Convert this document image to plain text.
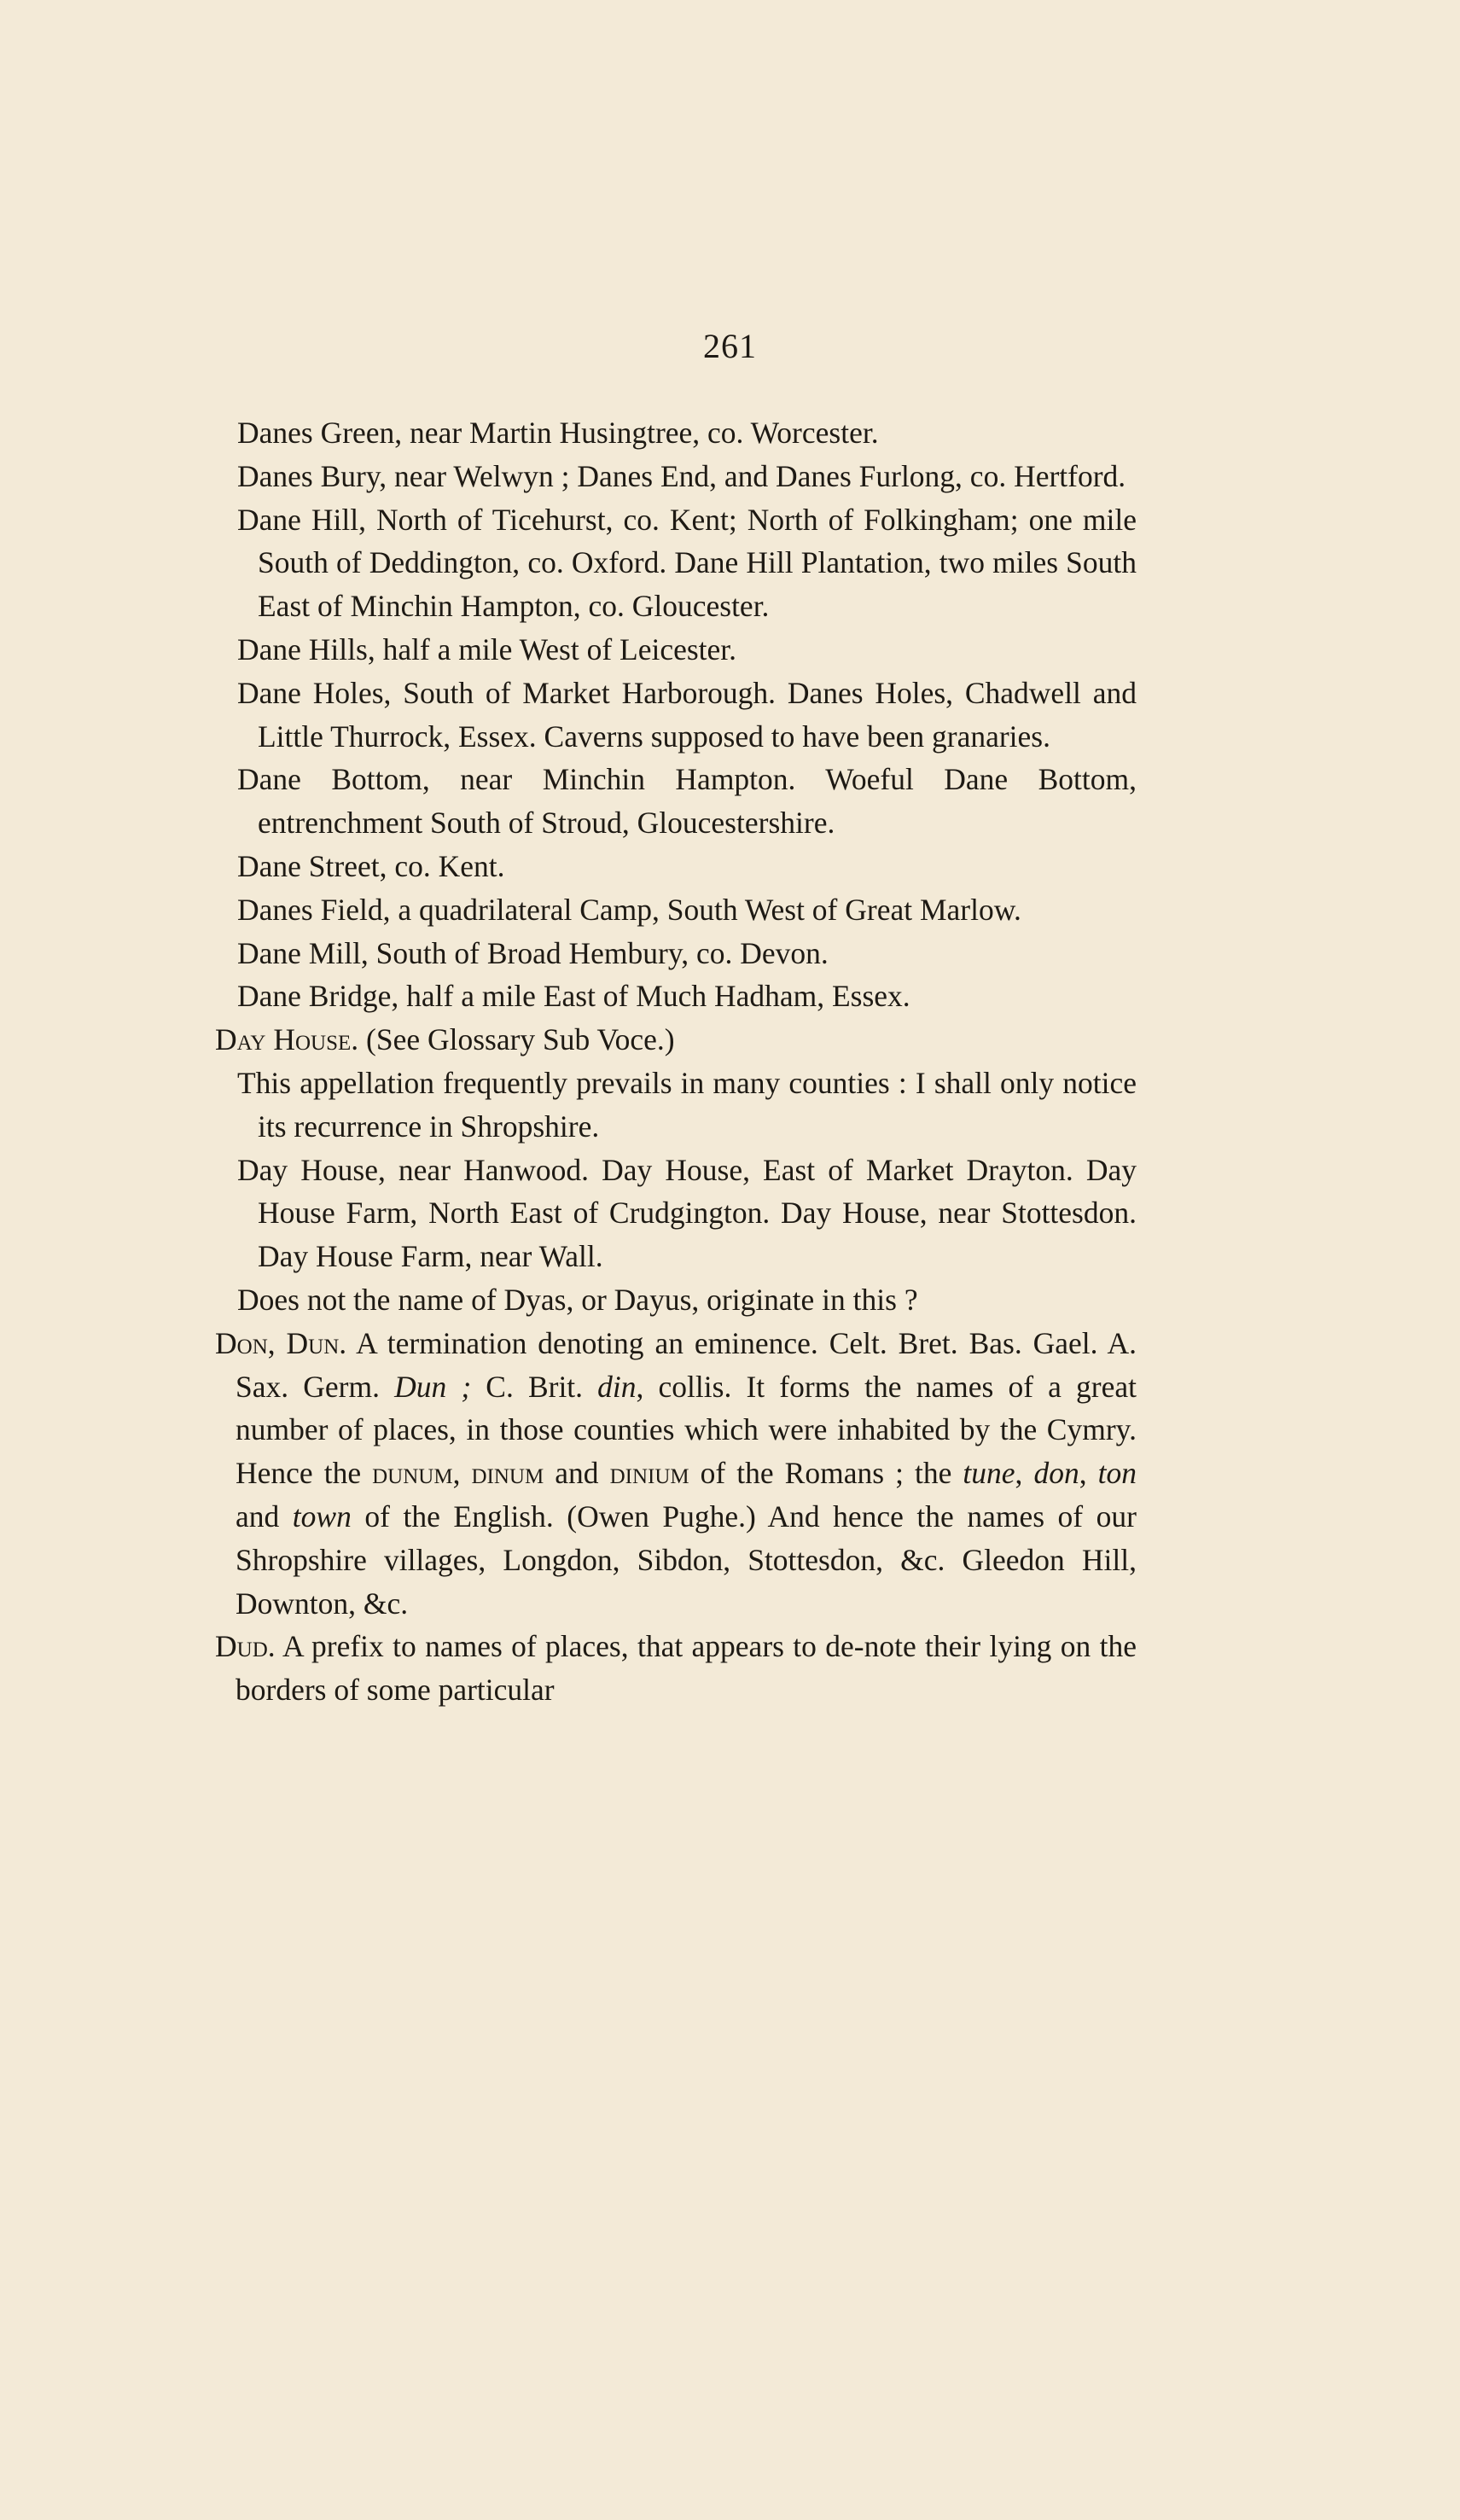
261
Danes Green, near Martin Husingtree, co. Worcester.
Danes Bury, near Welwyn ; Danes End, and Danes Furlong, co. Hertford.
Dane Hill, North of Ticehurst, co. Kent; North of Folkingham; one mile South of Deddington, co. Oxford. Dane Hill Plantation, two miles South East of Minchin Hampton, co. Gloucester.
Dane Hills, half a mile West of Leicester.
Dane Holes, South of Market Harborough. Danes Holes, Chadwell and Little Thurrock, Essex. Caverns supposed to have been granaries.
Dane Bottom, near Minchin Hampton. Woeful Dane Bottom, entrenchment South of Stroud, Gloucestershire.
Dane Street, co. Kent.
Danes Field, a quadrilateral Camp, South West of Great Marlow.
Dane Mill, South of Broad Hembury, co. Devon.
Dane Bridge, half a mile East of Much Hadham, Essex.
Day House. (See Glossary Sub Voce.)
This appellation frequently prevails in many counties : I shall only notice its recurrence in Shropshire.
Day House, near Hanwood. Day House, East of Market Drayton. Day House Farm, North East of Crudgington. Day House, near Stottesdon. Day House Farm, near Wall.
Does not the name of Dyas, or Dayus, originate in this ?
Don, Dun. A termination denoting an eminence. Celt. Bret. Bas. Gael. A. Sax. Germ. Dun ; C. Brit. din, collis. It forms the names of a great number of places, in those counties which were inhabited by the Cymry. Hence the dunum, dinum and dinium of the Romans ; the tune, don, ton and town of the English. (Owen Pughe.) And hence the names of our Shropshire villages, Longdon, Sibdon, Stottesdon, &c. Gleedon Hill, Downton, &c.
Dud. A prefix to names of places, that appears to de-note their lying on the borders of some particular
